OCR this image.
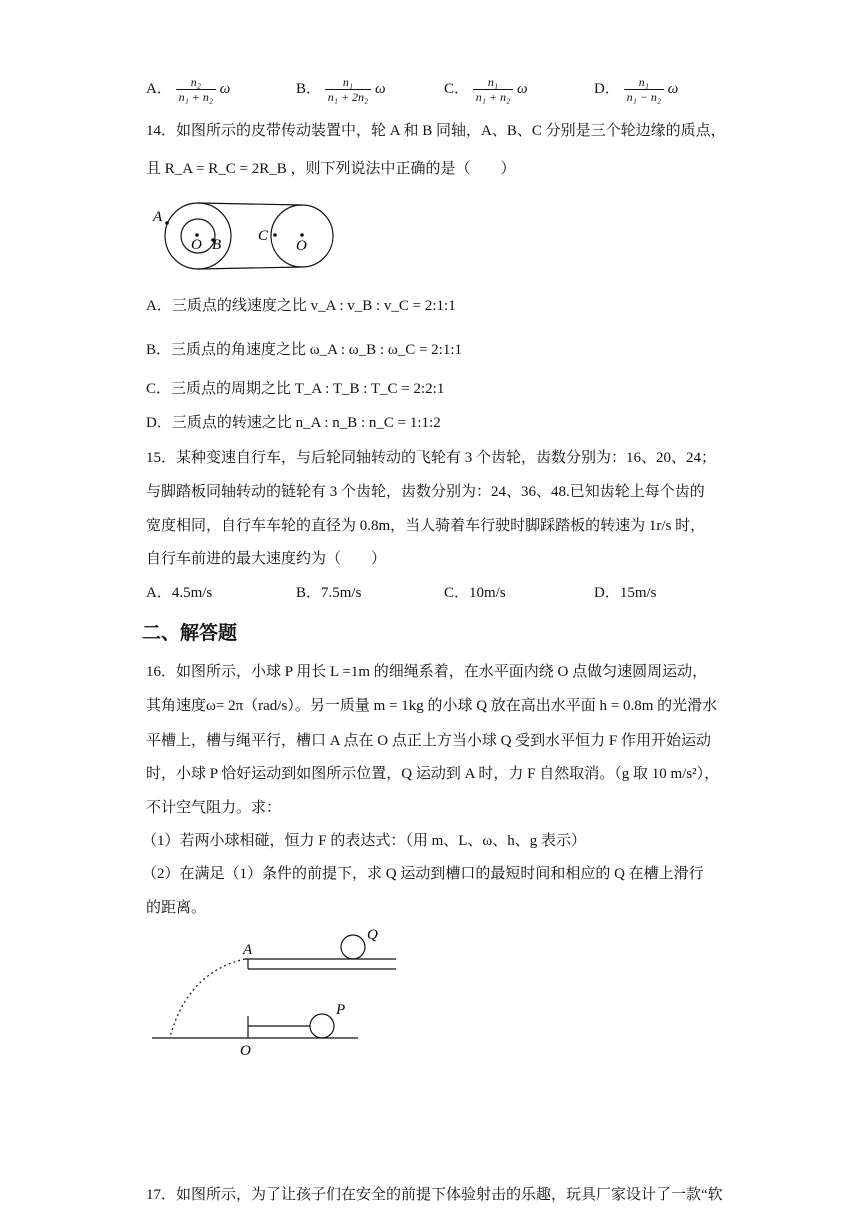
A． $\frac{\text{n₂}}{\text{n₁ + n₂}}$ ω	B． $\frac{\text{n₁}}{\text{n₁ + 2n₂}}$ ω	C． $\frac{\text{n₁}}{\text{n₁ + n₂}}$ ω	D． $\frac{\text{n₁}}{\text{n₁ − n₂}}$ ω
14．如图所示的皮带传动装置中，轮 A 和 B 同轴，A、B、C 分别是三个轮边缘的质点，
且 R_A = R_C = 2R_B ，则下列说法中正确的是（　　）
A
O B
C
O
A．三质点的线速度之比 v_A : v_B : v_C = 2:1:1
B．三质点的角速度之比 ω_A : ω_B : ω_C = 2:1:1
C．三质点的周期之比 T_A : T_B : T_C = 2:2:1
D．三质点的转速之比 n_A : n_B : n_C = 1:1:2
15．某种变速自行车，与后轮同轴转动的飞轮有 3 个齿轮，齿数分别为：16、20、24；
与脚踏板同轴转动的链轮有 3 个齿轮，齿数分别为：24、36、48.已知齿轮上每个齿的
宽度相同，自行车车轮的直径为 0.8m，当人骑着车行驶时脚踩踏板的转速为 1r/s 时，
自行车前进的最大速度约为（　　）
A．4.5m/s	B．7.5m/s	C．10m/s	D．15m/s
二、解答题
16．如图所示，小球 P 用长 L =1m 的细绳系着，在水平面内绕 O 点做匀速圆周运动，
其角速度ω= 2π（rad/s）。另一质量 m = 1kg 的小球 Q 放在高出水平面 h = 0.8m 的光滑水
平槽上，槽与绳平行，槽口 A 点在 O 点正上方当小球 Q 受到水平恒力 F 作用开始运动
时，小球 P 恰好运动到如图所示位置，Q 运动到 A 时，力 F 自然取消。（g 取 10 m/s²），
不计空气阻力。求：
（1）若两小球相碰，恒力 F 的表达式：（用 m、L、ω、h、g 表示）
（2）在满足（1）条件的前提下，求 Q 运动到槽口的最短时间和相应的 Q 在槽上滑行
的距离。
A
Q
P
O
17．如图所示，为了让孩子们在安全的前提下体验射击的乐趣，玩具厂家设计了一款“软
